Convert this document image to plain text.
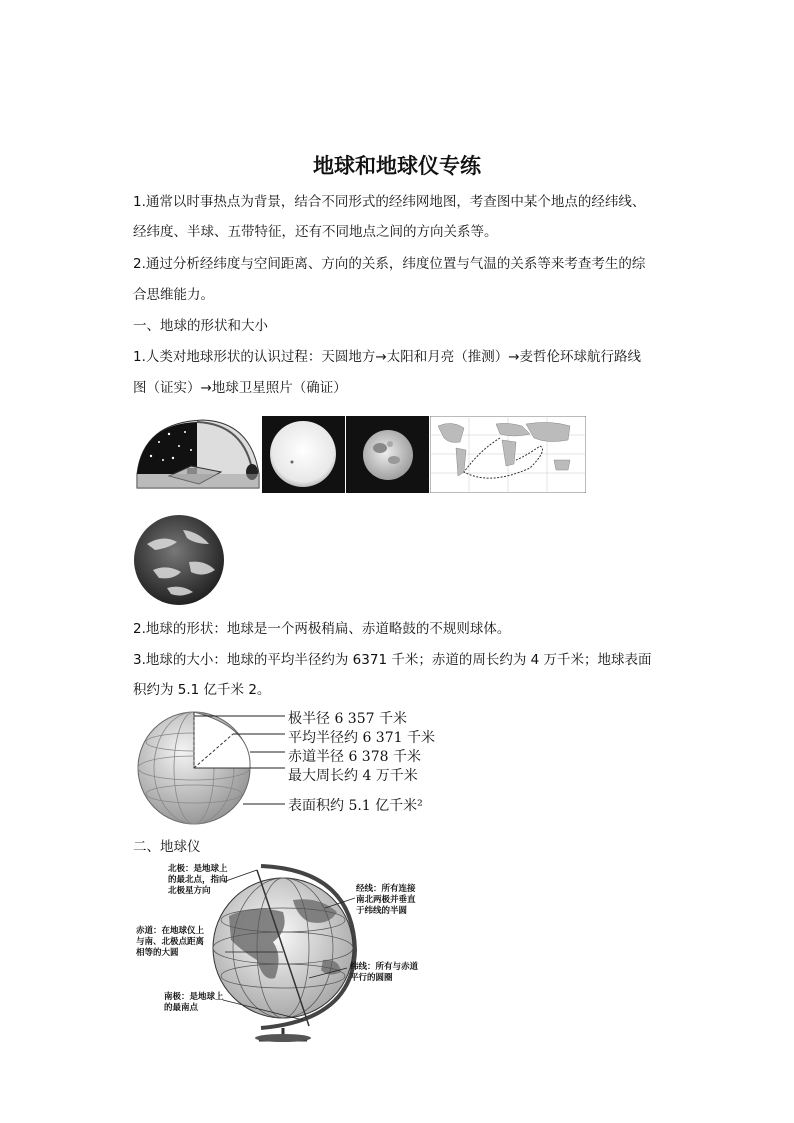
地球和地球仪专练
1.通常以时事热点为背景，结合不同形式的经纬网地图，考查图中某个地点的经纬线、
经纬度、半球、五带特征，还有不同地点之间的方向关系等。
2.通过分析经纬度与空间距离、方向的关系，纬度位置与气温的关系等来考查考生的综
合思维能力。
一、地球的形状和大小
1.人类对地球形状的认识过程：天圆地方→太阳和月亮（推测）→麦哲伦环球航行路线
图（证实）→地球卫星照片（确证）
2.地球的形状：地球是一个两极稍扁、赤道略鼓的不规则球体。
3.地球的大小：地球的平均半径约为 6371 千米；赤道的周长约为 4 万千米；地球表面
积约为 5.1 亿千米 2。
极半径 6 357 千米
平均半径约 6 371 千米
赤道半径 6 378 千米
最大周长约 4 万千米
表面积约 5.1 亿千米²
二、地球仪
北极：是地球上
的最北点，指向
北极星方向
赤道：在地球仪上
与南、北极点距离
相等的大圆
南极：是地球上
的最南点
经线：所有连接
南北两极并垂直
于纬线的半圆
纬线：所有与赤道
平行的圆圈
